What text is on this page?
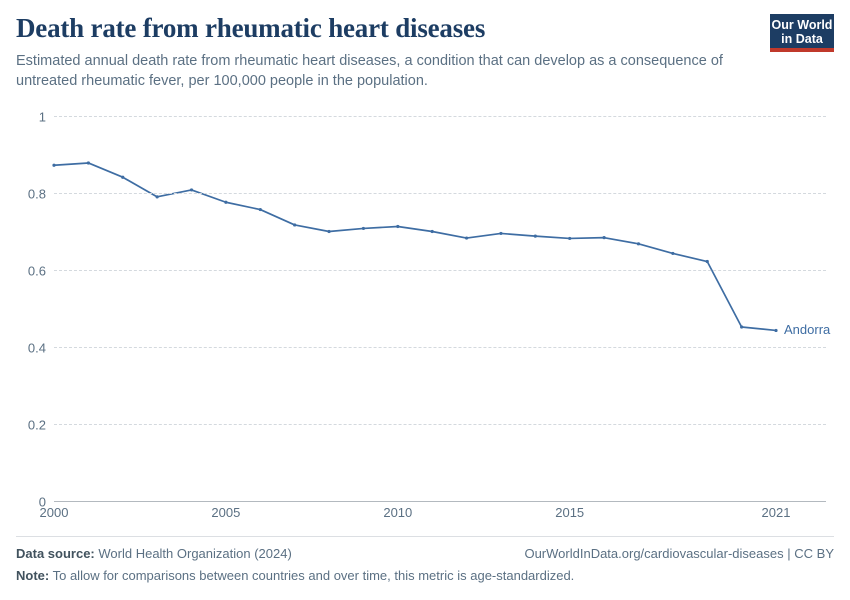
Death rate from rheumatic heart diseases

Estimated annual death rate from rheumatic heart diseases, a condition that can develop as a consequence of untreated rheumatic fever, per 100,000 people in the population.

Our World
in Data
0
0.2
0.4
0.6
0.8
1
Andorra
2000	2005	2010	2015	2021
Data source: World Health Organization (2024)	OurWorldInData.org/cardiovascular-diseases | CC BY
Note: To allow for comparisons between countries and over time, this metric is age-standardized.
